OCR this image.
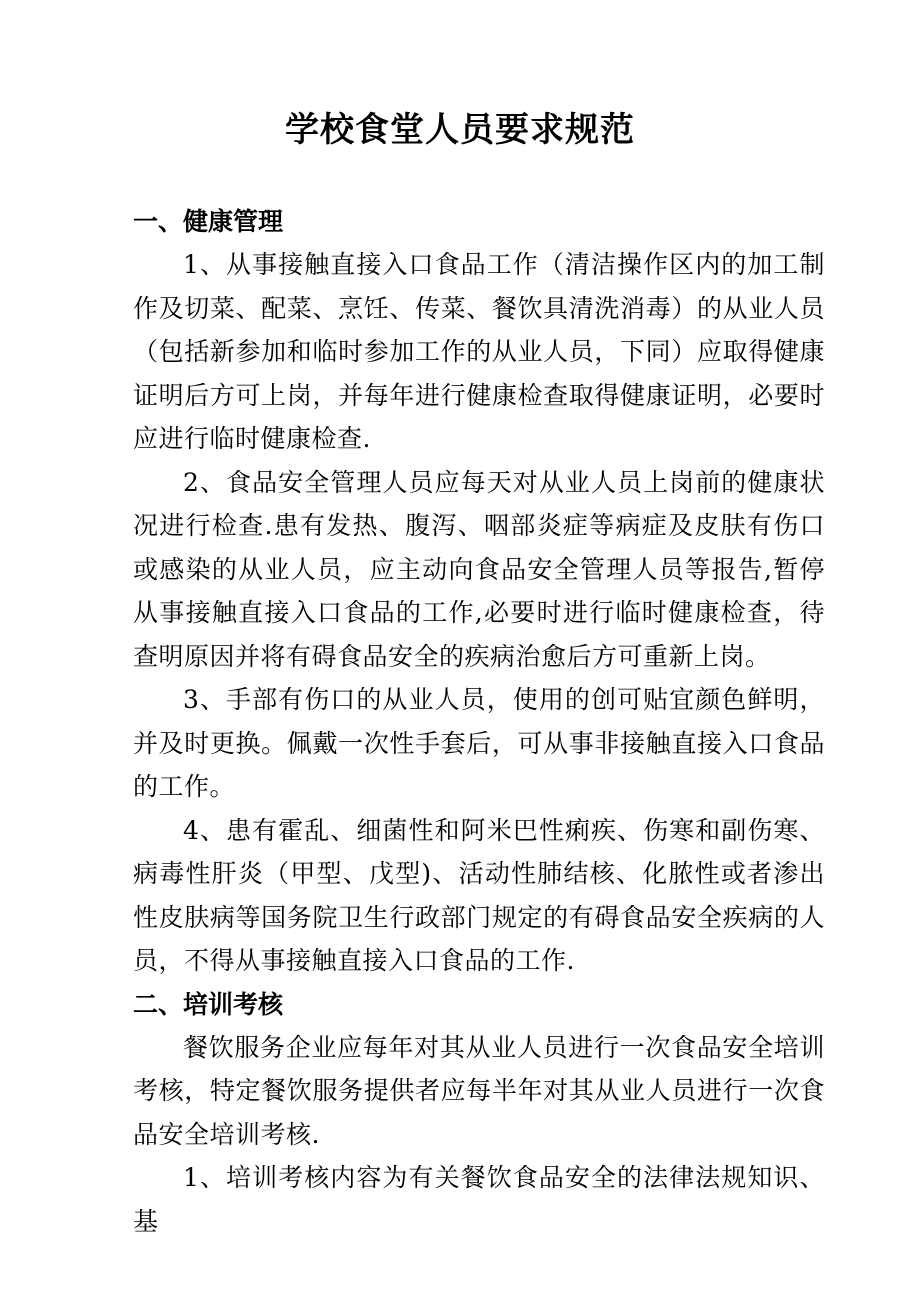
学校食堂人员要求规范
一、健康管理

1、从事接触直接入口食品工作（清洁操作区内的加工制作及切菜、配菜、烹饪、传菜、餐饮具清洗消毒）的从业人员（包括新参加和临时参加工作的从业人员，下同）应取得健康证明后方可上岗，并每年进行健康检查取得健康证明，必要时应进行临时健康检查.

2、食品安全管理人员应每天对从业人员上岗前的健康状况进行检查.患有发热、腹泻、咽部炎症等病症及皮肤有伤口或感染的从业人员，应主动向食品安全管理人员等报告,暂停从事接触直接入口食品的工作,必要时进行临时健康检查，待查明原因并将有碍食品安全的疾病治愈后方可重新上岗。

3、手部有伤口的从业人员，使用的创可贴宜颜色鲜明，并及时更换。佩戴一次性手套后，可从事非接触直接入口食品的工作。

4、患有霍乱、细菌性和阿米巴性痢疾、伤寒和副伤寒、病毒性肝炎（甲型、戊型)、活动性肺结核、化脓性或者渗出性皮肤病等国务院卫生行政部门规定的有碍食品安全疾病的人员，不得从事接触直接入口食品的工作.

二、培训考核

餐饮服务企业应每年对其从业人员进行一次食品安全培训考核，特定餐饮服务提供者应每半年对其从业人员进行一次食品安全培训考核.

1、培训考核内容为有关餐饮食品安全的法律法规知识、基
